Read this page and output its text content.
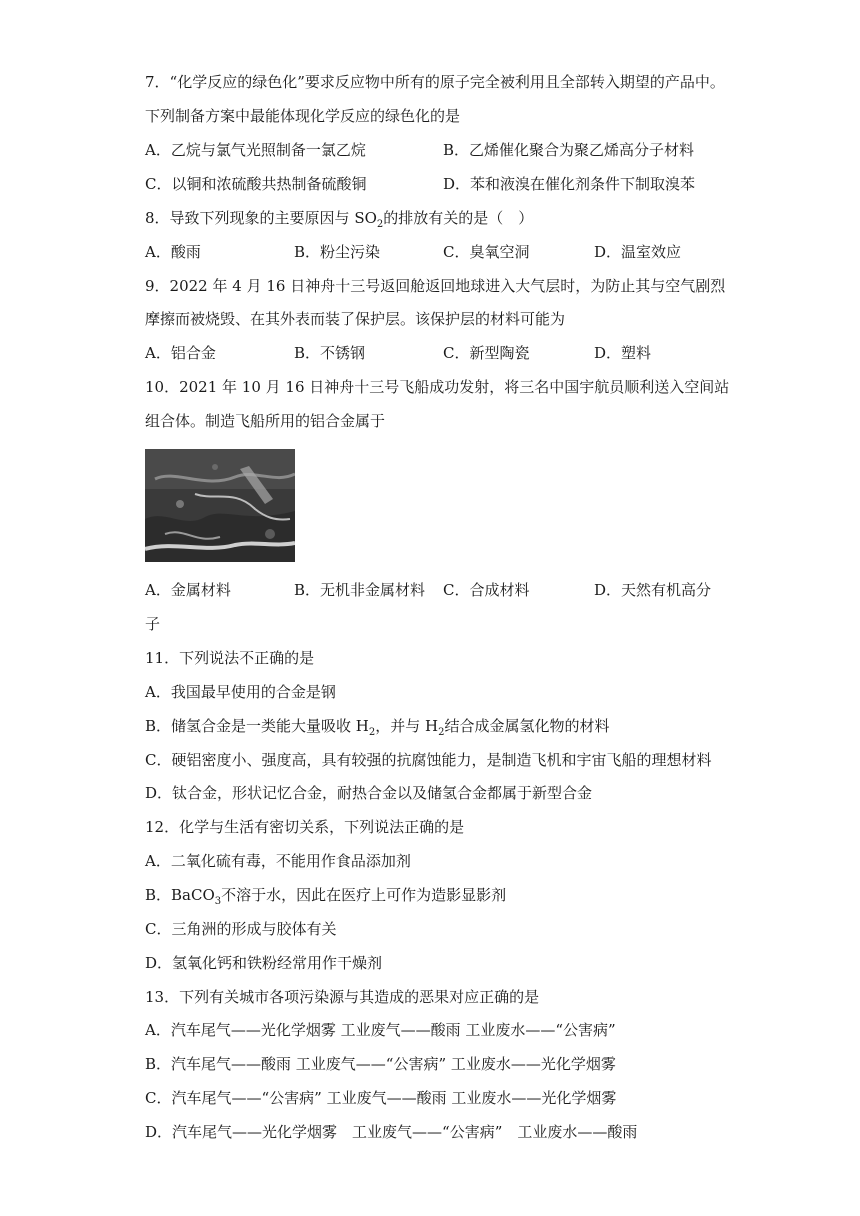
7．“化学反应的绿色化”要求反应物中所有的原子完全被利用且全部转入期望的产品中。
下列制备方案中最能体现化学反应的绿色化的是
A．乙烷与氯气光照制备一氯乙烷	B．乙烯催化聚合为聚乙烯高分子材料
C．以铜和浓硫酸共热制备硫酸铜	D．苯和液溴在催化剂条件下制取溴苯
8．导致下列现象的主要原因与 $SO_2$的排放有关的是（　）
A．酸雨	B．粉尘污染	C．臭氧空洞	D．温室效应
9．2022 年 4 月 16 日神舟十三号返回舱返回地球进入大气层时，为防止其与空气剧烈
摩擦而被烧毁、在其外表而装了保护层。该保护层的材料可能为
A．铝合金	B．不锈钢	C．新型陶瓷	D．塑料
10．2021 年 10 月 16 日神舟十三号飞船成功发射，将三名中国宇航员顺利送入空间站
组合体。制造飞船所用的铝合金属于
A．金属材料	B．无机非金属材料 C．合成材料	D．天然有机高分
子
11．下列说法不正确的是
A．我国最早使用的合金是钢
B．储氢合金是一类能大量吸收 $H_2$，并与 $H_2$结合成金属氢化物的材料
C．硬铝密度小、强度高，具有较强的抗腐蚀能力，是制造飞机和宇宙飞船的理想材料
D．钛合金，形状记忆合金，耐热合金以及储氢合金都属于新型合金
12．化学与生活有密切关系，下列说法正确的是
A．二氧化硫有毒，不能用作食品添加剂
B．BaCO$_3$不溶于水，因此在医疗上可作为造影显影剂
C．三角洲的形成与胶体有关
D．氢氧化钙和铁粉经常用作干燥剂
13．下列有关城市各项污染源与其造成的恶果对应正确的是
A．汽车尾气——光化学烟雾 工业废气——酸雨 工业废水——“公害病”
B．汽车尾气——酸雨 工业废气——“公害病” 工业废水——光化学烟雾
C．汽车尾气——“公害病” 工业废气——酸雨 工业废水——光化学烟雾
D．汽车尾气——光化学烟雾　工业废气——“公害病”　工业废水——酸雨
